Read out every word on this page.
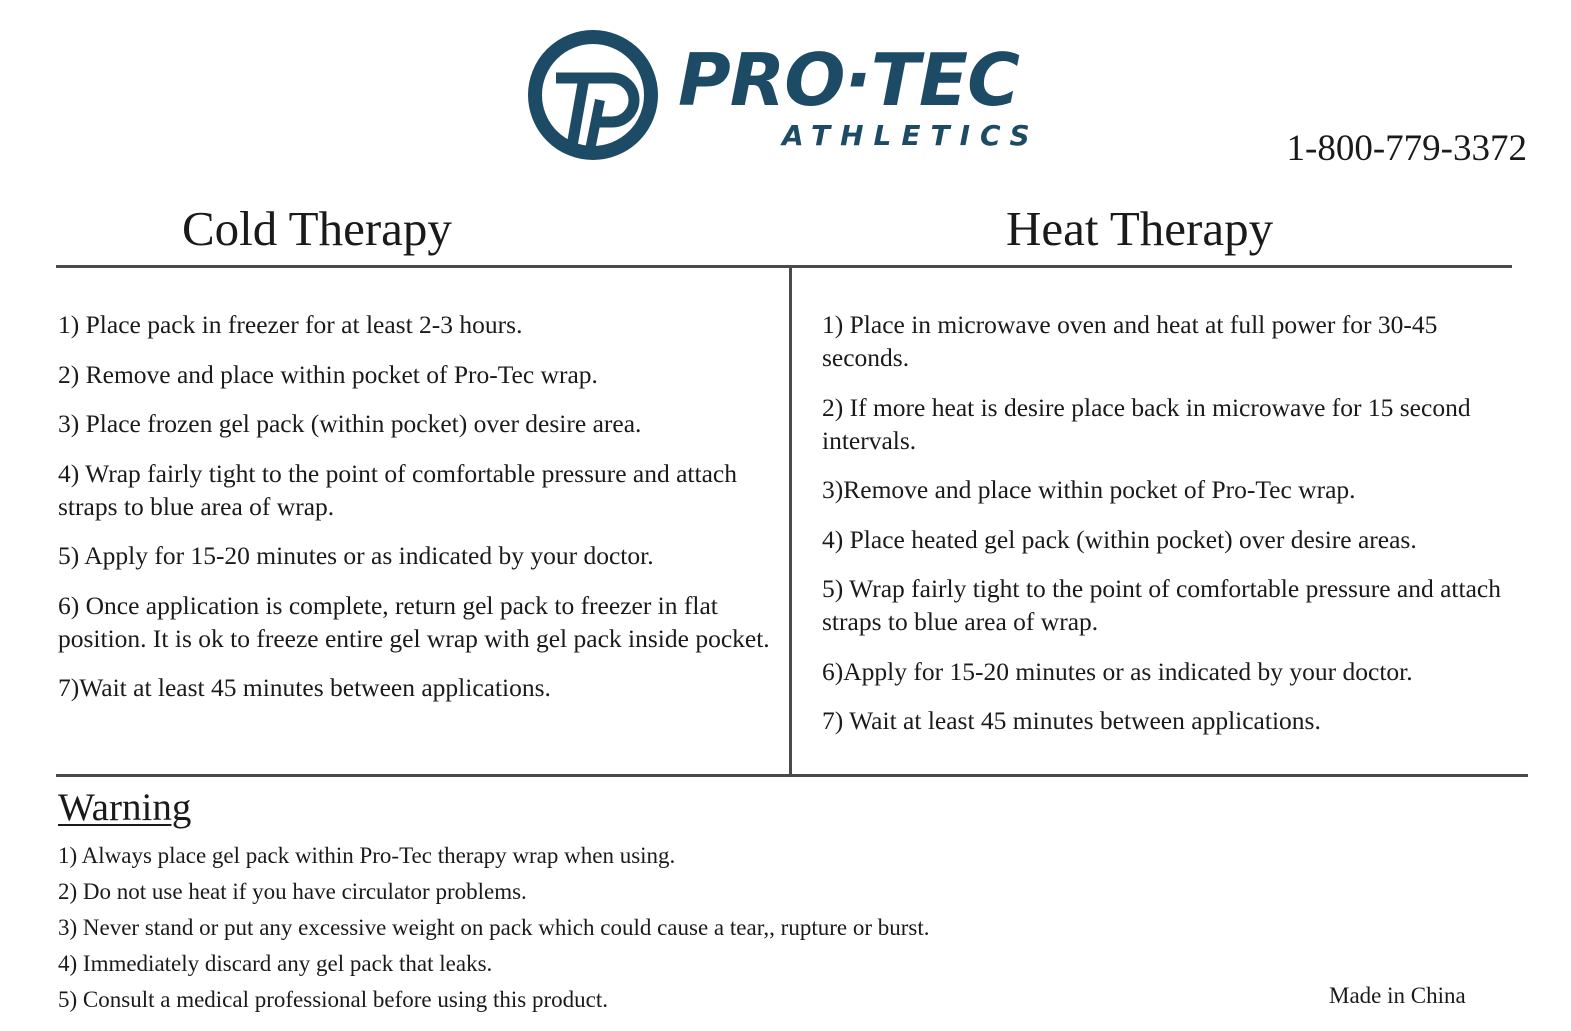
PRO·TEC
ATHLETICS	1-800-779-3372
Cold Therapy	Heat Therapy
1) Place pack in freezer for at least 2-3 hours.
2) Remove and place within pocket of Pro-Tec wrap.
3) Place frozen gel pack (within pocket) over desire area.
4) Wrap fairly tight to the point of comfortable pressure and attach straps to blue area of wrap.
5) Apply for 15-20 minutes or as indicated by your doctor.
6) Once application is complete, return gel pack to freezer in flat position. It is ok to freeze entire gel wrap with gel pack inside pocket.
7)Wait at least 45 minutes between applications.
1) Place in microwave oven and heat at full power for 30-45 seconds.
2) If more heat is desire place back in microwave for 15 second intervals.
3)Remove and place within pocket of Pro-Tec wrap.
4) Place heated gel pack (within pocket) over desire areas.
5) Wrap fairly tight to the point of comfortable pressure and attach straps to blue area of wrap.
6)Apply for 15-20 minutes or as indicated by your doctor.
7) Wait at least 45 minutes between applications.
Warning
1) Always place gel pack within Pro-Tec therapy wrap when using.
2) Do not use heat if you have circulator problems.
3) Never stand or put any excessive weight on pack which could cause a tear,, rupture or burst.
4) Immediately discard any gel pack that leaks.
5) Consult a medical professional before using this product.	Made in China
